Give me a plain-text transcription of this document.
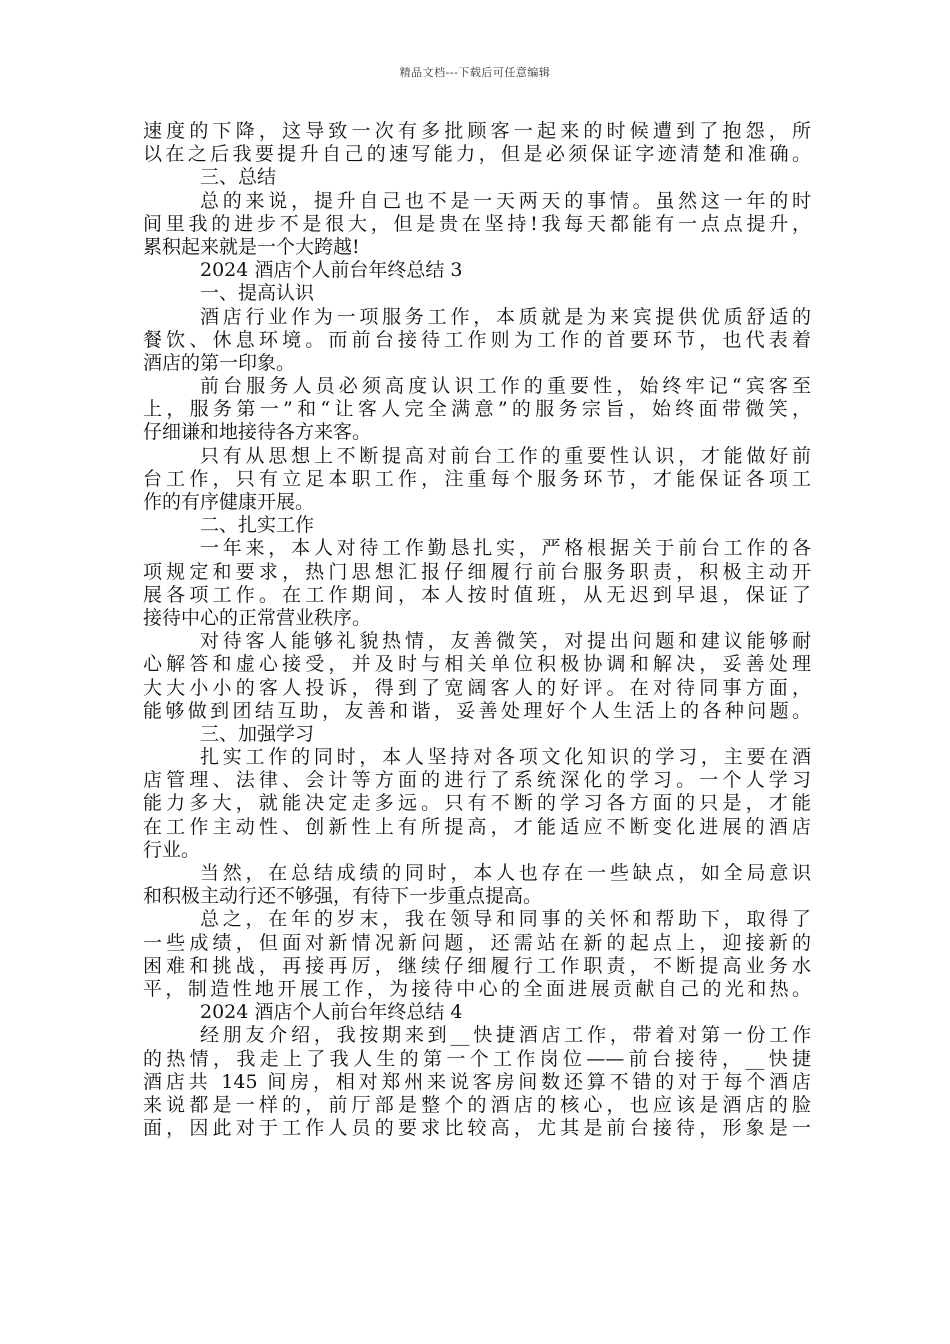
精品文档---下载后可任意编辑
速度的下降，这导致一次有多批顾客一起来的时候遭到了抱怨，所
以在之后我要提升自己的速写能力，但是必须保证字迹清楚和准确。
三、总结
总的来说，提升自己也不是一天两天的事情。虽然这一年的时
间里我的进步不是很大，但是贵在坚持!我每天都能有一点点提升，
累积起来就是一个大跨越!
2024 酒店个人前台年终总结 3
一、提高认识
酒店行业作为一项服务工作，本质就是为来宾提供优质舒适的
餐饮、休息环境。而前台接待工作则为工作的首要环节，也代表着
酒店的第一印象。
前台服务人员必须高度认识工作的重要性，始终牢记“宾客至
上，服务第一”和“让客人完全满意”的服务宗旨，始终面带微笑，
仔细谦和地接待各方来客。
只有从思想上不断提高对前台工作的重要性认识，才能做好前
台工作，只有立足本职工作，注重每个服务环节，才能保证各项工
作的有序健康开展。
二、扎实工作
一年来，本人对待工作勤恳扎实，严格根据关于前台工作的各
项规定和要求，热门思想汇报仔细履行前台服务职责，积极主动开
展各项工作。在工作期间，本人按时值班，从无迟到早退，保证了
接待中心的正常营业秩序。
对待客人能够礼貌热情，友善微笑，对提出问题和建议能够耐
心解答和虚心接受，并及时与相关单位积极协调和解决，妥善处理
大大小小的客人投诉，得到了宽阔客人的好评。在对待同事方面，
能够做到团结互助，友善和谐，妥善处理好个人生活上的各种问题。
三、加强学习
扎实工作的同时，本人坚持对各项文化知识的学习，主要在酒
店管理、法律、会计等方面的进行了系统深化的学习。一个人学习
能力多大，就能决定走多远。只有不断的学习各方面的只是，才能
在工作主动性、创新性上有所提高，才能适应不断变化进展的酒店
行业。
当然，在总结成绩的同时，本人也存在一些缺点，如全局意识
和积极主动行还不够强，有待下一步重点提高。
总之，在年的岁末，我在领导和同事的关怀和帮助下，取得了
一些成绩，但面对新情况新问题，还需站在新的起点上，迎接新的
困难和挑战，再接再厉，继续仔细履行工作职责，不断提高业务水
平，制造性地开展工作，为接待中心的全面进展贡献自己的光和热。
2024 酒店个人前台年终总结 4
经朋友介绍，我按期来到__快捷酒店工作，带着对第一份工作
的热情，我走上了我人生的第一个工作岗位——前台接待，__快捷
酒店共 145 间房，相对郑州来说客房间数还算不错的对于每个酒店
来说都是一样的，前厅部是整个的酒店的核心，也应该是酒店的脸
面，因此对于工作人员的要求比较高，尤其是前台接待，形象是一
